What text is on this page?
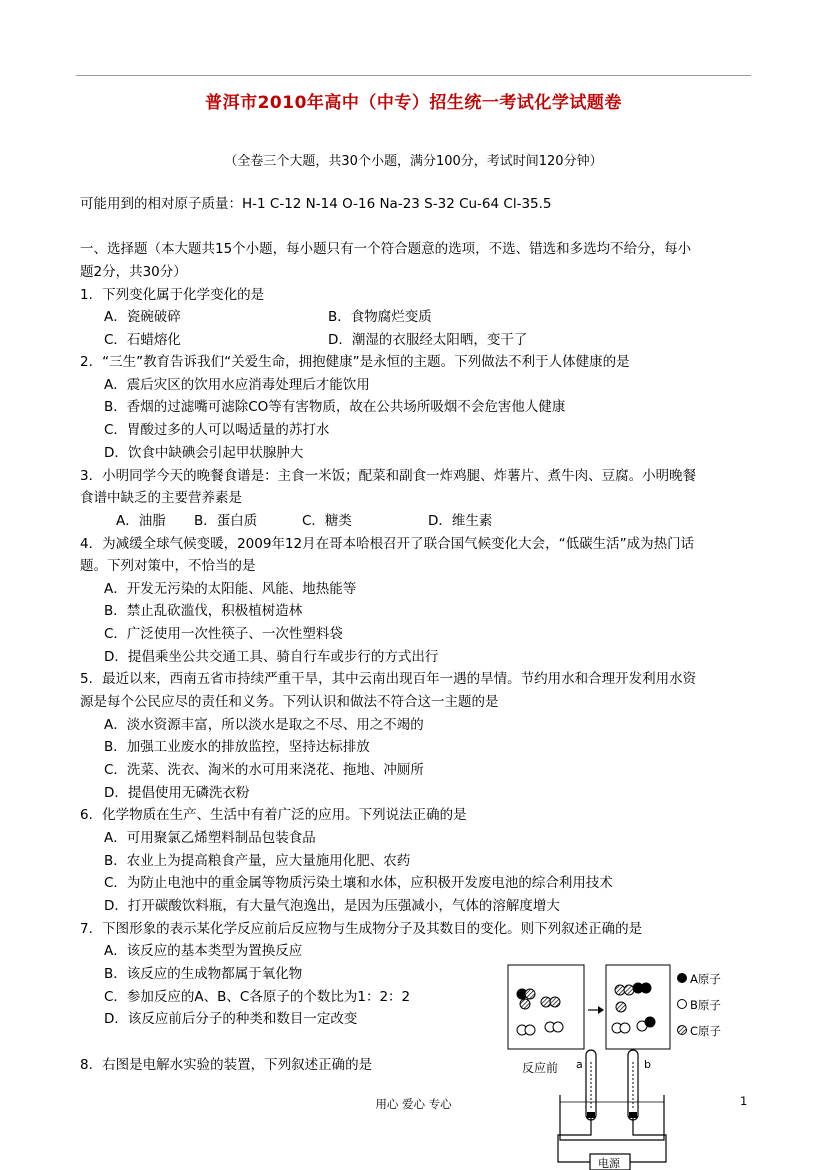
普洱市2010年高中（中专）招生统一考试化学试题卷
（全卷三个大题，共30个小题，满分100分，考试时间120分钟）
可能用到的相对原子质量：H-1 C-12 N-14 O-16 Na-23 S-32 Cu-64 Cl-35.5
一、选择题（本大题共15个小题，每小题只有一个符合题意的选项，不选、错选和多选均不给分，每小
题2分，共30分）
1．下列变化属于化学变化的是
A．瓷碗破碎	B．食物腐烂变质
C．石蜡熔化	D．潮湿的衣服经太阳晒，变干了
2．“三生”教育告诉我们“关爱生命，拥抱健康”是永恒的主题。下列做法不利于人体健康的是
A．震后灾区的饮用水应消毒处理后才能饮用
B．香烟的过滤嘴可滤除CO等有害物质，故在公共场所吸烟不会危害他人健康
C．胃酸过多的人可以喝适量的苏打水
D．饮食中缺碘会引起甲状腺肿大
3．小明同学今天的晚餐食谱是：主食一米饭；配菜和副食一炸鸡腿、炸薯片、煮牛肉、豆腐。小明晚餐
食谱中缺乏的主要营养素是
A．油脂 B．蛋白质	C．糖类	D．维生素
4．为减缓全球气候变暖，2009年12月在哥本哈根召开了联合国气候变化大会，“低碳生活”成为热门话
题。下列对策中，不恰当的是
A．开发无污染的太阳能、风能、地热能等
B．禁止乱砍滥伐，积极植树造林
C．广泛使用一次性筷子、一次性塑料袋
D．提倡乘坐公共交通工具、骑自行车或步行的方式出行
5．最近以来，西南五省市持续严重干旱，其中云南出现百年一遇的旱情。节约用水和合理开发利用水资
源是每个公民应尽的责任和义务。下列认识和做法不符合这一主题的是
A．淡水资源丰富，所以淡水是取之不尽、用之不竭的
B．加强工业废水的排放监控，坚持达标排放
C．洗菜、洗衣、淘米的水可用来浇花、拖地、冲厕所
D．提倡使用无磷洗衣粉
6．化学物质在生产、生活中有着广泛的应用。下列说法正确的是
A．可用聚氯乙烯塑料制品包装食品
B．农业上为提高粮食产量，应大量施用化肥、农药
C．为防止电池中的重金属等物质污染土壤和水体，应积极开发废电池的综合利用技术
D．打开碳酸饮料瓶，有大量气泡逸出，是因为压强减小，气体的溶解度增大
7．下图形象的表示某化学反应前后反应物与生成物分子及其数目的变化。则下列叙述正确的是
A．该反应的基本类型为置换反应
B．该反应的生成物都属于氧化物
C．参加反应的A、B、C各原子的个数比为1：2：2
D．该反应前后分子的种类和数目一定改变
8．右图是电解水实验的装置，下列叙述正确的是
A原子
B原子
C原子
反应前 a	b
电源
用心 爱心 专心	1
